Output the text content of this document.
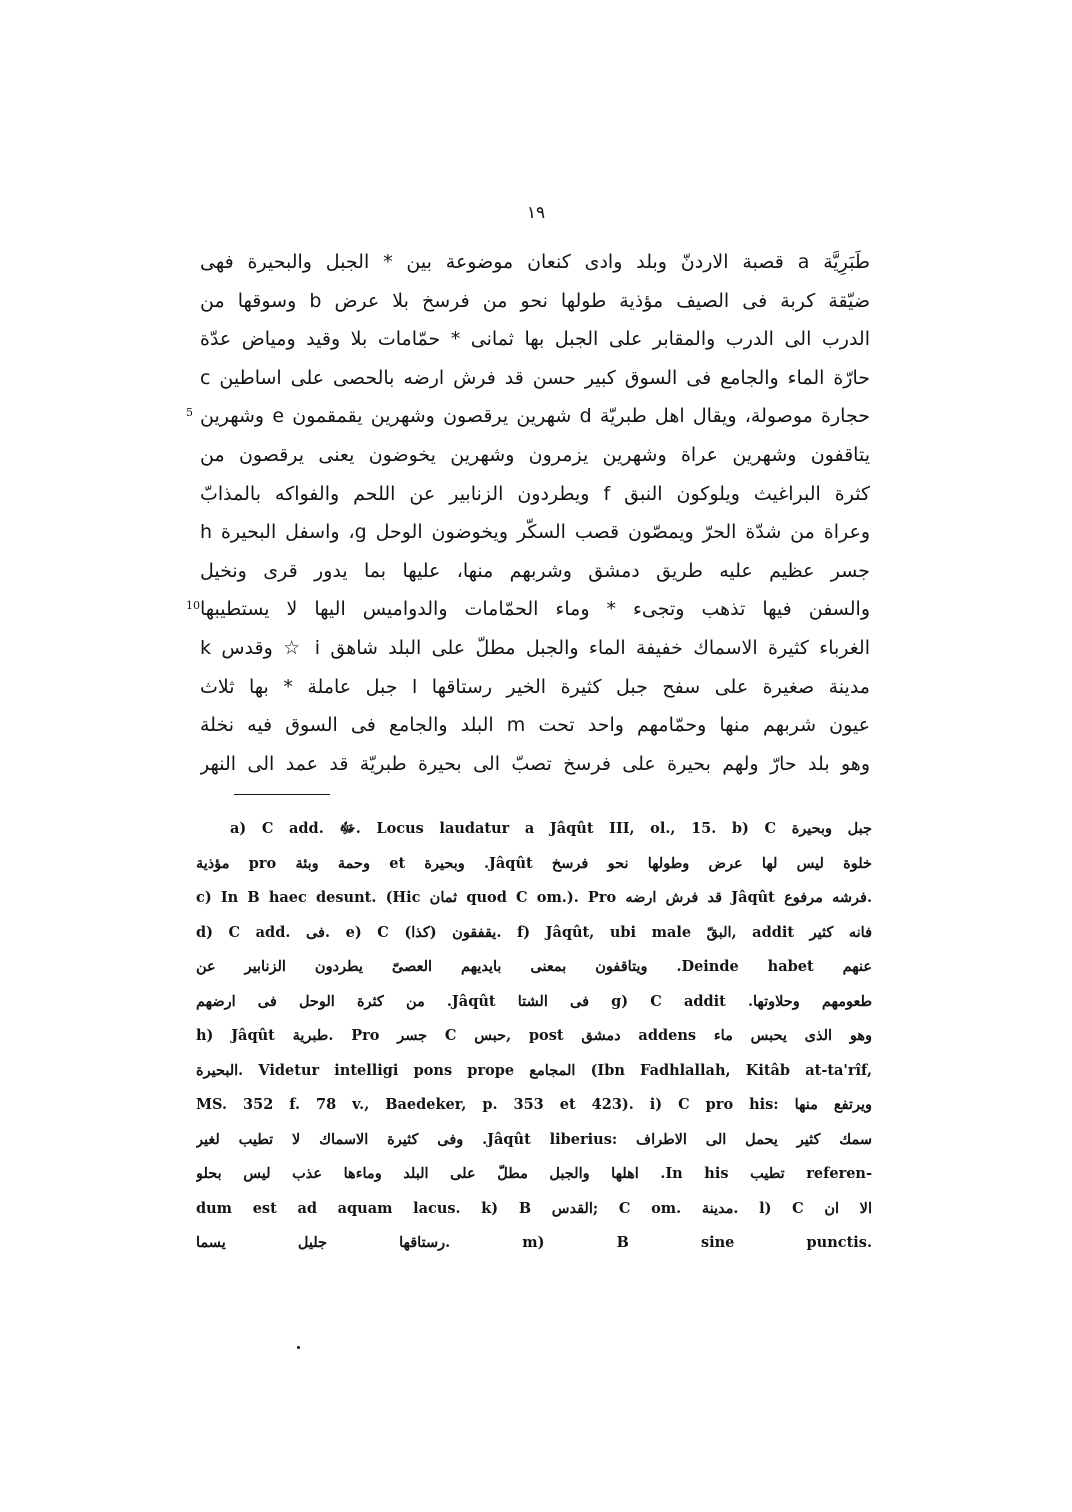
١٩
طَبَرِيَّة a قصبة الاردنّ وبلد وادى كنعان موضوعة بين * الجبل والبحيرة فهى
ضيّقة كربة فى الصيف مؤذية طولها نحو من فرسخ بلا عرض b وسوقها من
الدرب الى الدرب والمقابر على الجبل بها ثمانى * حمّامات بلا وقيد ومياض عدّة
حارّة الماء والجامع فى السوق كبير حسن قد فرش ارضه بالحصى على اساطين c
حجارة موصولة، ويقال اهل طبريّة d شهرين يرقصون وشهرين يقمقمون e وشهرين
يتاقفون وشهرين عراة وشهرين يزمرون وشهرين يخوضون يعنى يرقصون من
كثرة البراغيث ويلوكون النبق f ويطردون الزنابير عن اللحم والفواكه بالمذابّ
وعراة من شدّة الحرّ ويمصّون قصب السكّر ويخوضون الوحل g، واسفل البحيرة h
جسر عظيم عليه طريق دمشق وشربهم منها، عليها بما يدور قرى ونخيل
والسفن فيها تذهب وتجىء * وماء الحمّامات والدواميس اليها لا يستطيبها
الغرباء كثيرة الاسماك خفيفة الماء والجبل مطلّ على البلد شاهق i ☆ وقدس k
مدينة صغيرة على سفح جبل كثيرة الخير رستاقها l جبل عاملة * بها ثلاث
عيون شربهم منها وحمّامهم واحد تحت m البلد والجامع فى السوق فيه نخلة
وهو بلد حارّ ولهم بحيرة على فرسخ تصبّ الى بحيرة طبريّة قد عمد الى النهر
5
10
a) C add. ﷻ. Locus laudatur a Jâqût III, ol., 15. b) C جبل وبحيرة
مؤذية pro وحمة وبئة et وبحيرة .Jâqût خلوة ليس لها عرض وطولها نحو فرسخ
c) In B haec desunt. (Hic ثمان quod C om.). Pro قد فرش ارضه Jâqût فرشه مرفوع.
d) C add. فى. e) C يقفقون (كذا). f) Jâqût, ubi male البقّ, addit فانه كثير
ويتاقفون بمعنى بايديهم العصىّ يطردون الزنابير عن .Deinde habet عنهم
من كثرة الوحل فى ارضهم .Jâqût فى الشتا g) C addit .طعومهم وحلاوتها
h) Jâqût طبرية. Pro جسر C حبس, post دمشق addens وهو الذى يحبس ماء
البحيرة. Videtur intelligi pons prope المجامع (Ibn Fadhlallah, Kitâb at-ta'rîf,
MS. 352 f. 78 v., Baedeker, p. 353 et 423). i) C pro his: ويرتفع منها
وفى كثيرة الاسماك لا تطيب لغير .Jâqût liberius: سمك كثير يحمل الى الاطراف
اهلها والجبل مطلّ على البلد وماءها عذب ليس بحلو .In his تطيب referen-
dum est ad aquam lacus. k) B القدس; C om. مدينة. l) C الا ان
رستاقها جليل يسما. m) B sine punctis.
